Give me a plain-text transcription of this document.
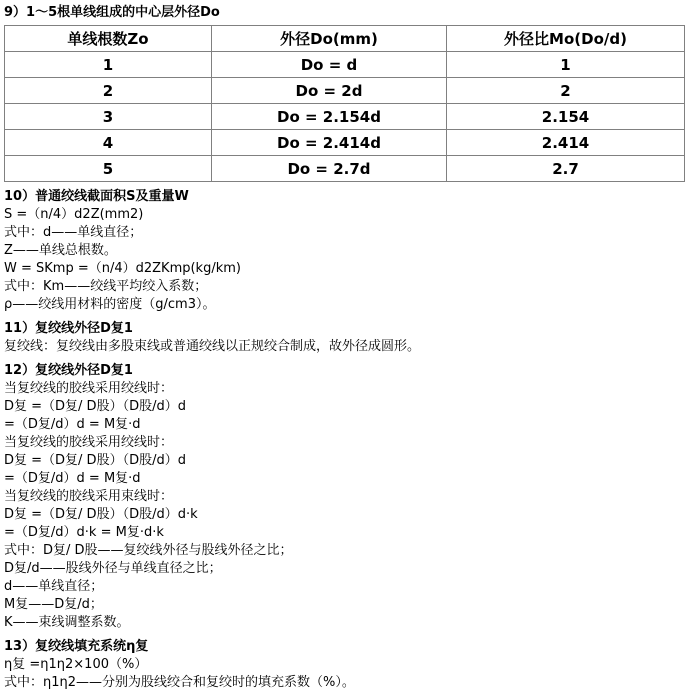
9）1～5根单线组成的中心层外径Do
单线根数Zo	外径Do(mm)	外径比Mo(Do/d)
1	Do = d	1
2	Do = 2d	2
3	Do = 2.154d	2.154
4	Do = 2.414d	2.414
5	Do = 2.7d	2.7
10）普通绞线截面积S及重量W
S =（n/4）d2Z(mm2)
式中：d——单线直径；
Z——单线总根数。
W = SKmp =（n/4）d2ZKmp(kg/km)
式中：Km——绞线平均绞入系数；
ρ——绞线用材料的密度（g/cm3）。
11）复绞线外径D复1
复绞线：复绞线由多股束线或普通绞线以正规绞合制成，故外径成圆形。
12）复绞线外径D复1
当复绞线的胶线采用绞线时：
D复 =（D复/ D股）（D股/d）d
=（D复/d）d = M复·d
当复绞线的胶线采用绞线时：
D复 =（D复/ D股）（D股/d）d
=（D复/d）d = M复·d
当复绞线的胶线采用束线时：
D复 =（D复/ D股）（D股/d）d·k
=（D复/d）d·k = M复·d·k
式中：D复/ D股——复绞线外径与股线外径之比；
D复/d——股线外径与单线直径之比；
d——单线直径；
M复——D复/d；
K——束线调整系数。
13）复绞线填充系统η复
η复 =η1η2×100（%）
式中：η1η2——分别为股线绞合和复绞时的填充系数（%）。
